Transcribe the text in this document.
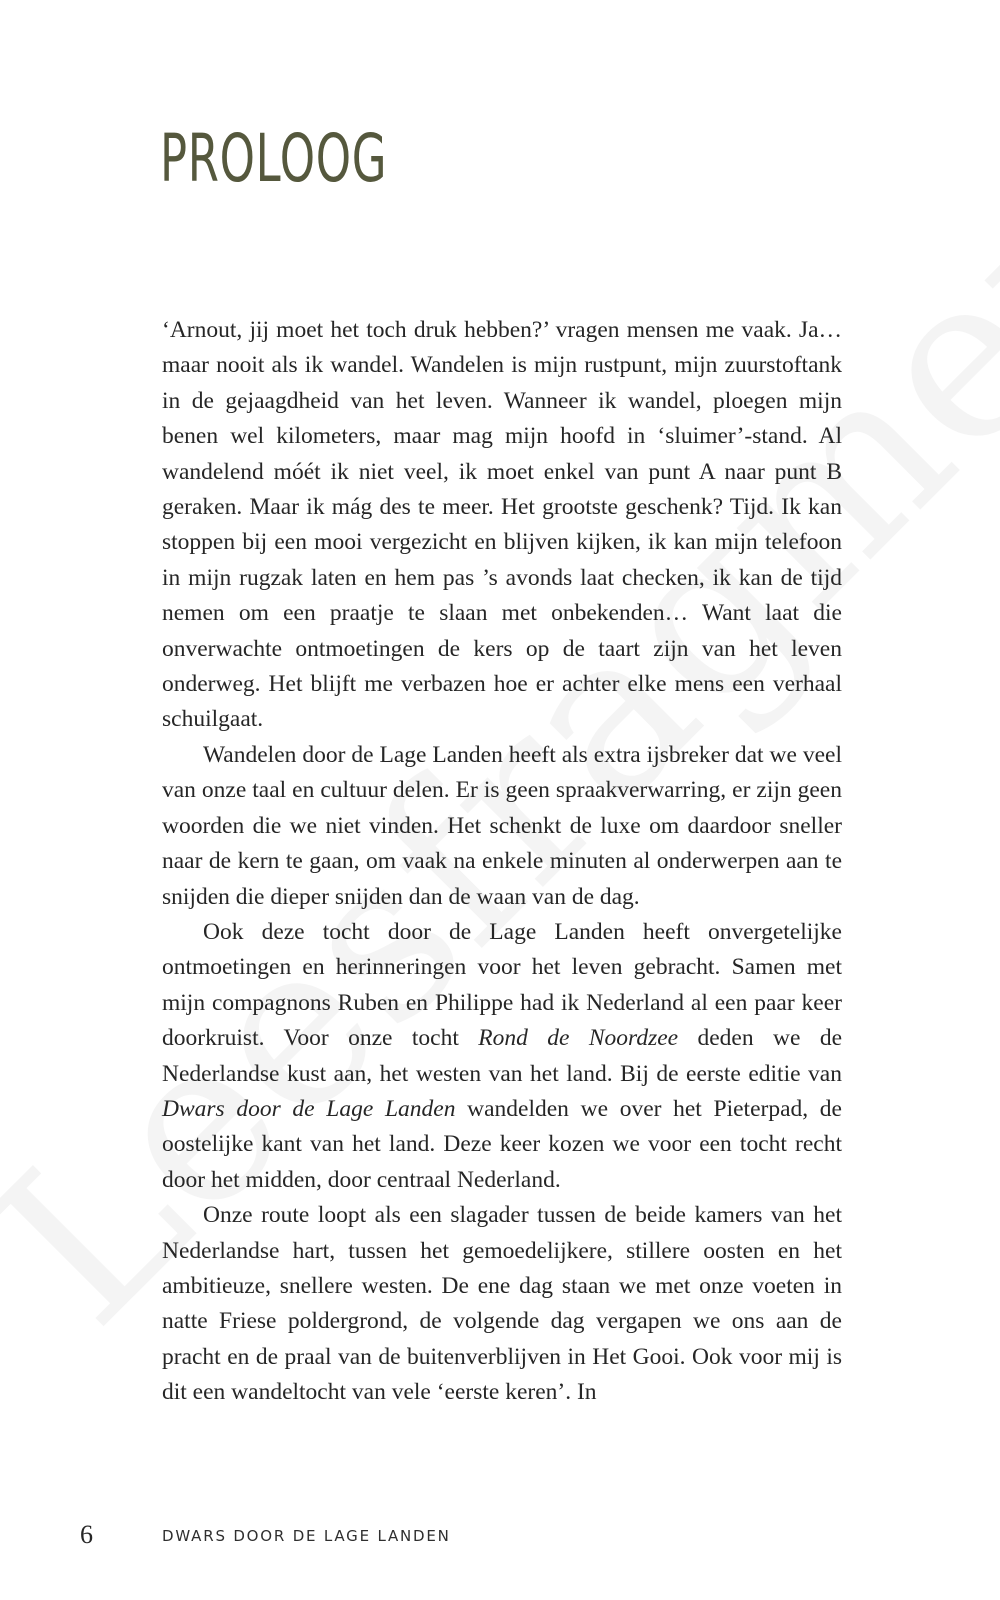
PROLOOG

‘Arnout, jij moet het toch druk hebben?’ vragen mensen me vaak. Ja… maar nooit als ik wandel. Wandelen is mijn rustpunt, mijn zuurstoftank in de gejaagdheid van het leven. Wanneer ik wandel, ploegen mijn benen wel kilometers, maar mag mijn hoofd in ‘sluimer’-stand. Al wandelend móét ik niet veel, ik moet enkel van punt A naar punt B geraken. Maar ik mág des te meer. Het grootste geschenk? Tijd. Ik kan stoppen bij een mooi vergezicht en blijven kijken, ik kan mijn telefoon in mijn rugzak laten en hem pas ’s avonds laat checken, ik kan de tijd nemen om een praatje te slaan met onbekenden… Want laat die onverwachte ontmoetingen de kers op de taart zijn van het leven onderweg. Het blijft me verbazen hoe er achter elke mens een verhaal schuilgaat.

Wandelen door de Lage Landen heeft als extra ijsbreker dat we veel van onze taal en cultuur delen. Er is geen spraakverwarring, er zijn geen woorden die we niet vinden. Het schenkt de luxe om daardoor sneller naar de kern te gaan, om vaak na enkele minuten al onderwerpen aan te snijden die dieper snijden dan de waan van de dag.

Ook deze tocht door de Lage Landen heeft onvergetelijke ontmoetingen en herinneringen voor het leven gebracht. Samen met mijn compagnons Ruben en Philippe had ik Nederland al een paar keer doorkruist. Voor onze tocht Rond de Noordzee deden we de Nederlandse kust aan, het westen van het land. Bij de eerste editie van Dwars door de Lage Landen wandelden we over het Pieterpad, de oostelijke kant van het land. Deze keer kozen we voor een tocht recht door het midden, door centraal Nederland.

Onze route loopt als een slagader tussen de beide kamers van het Nederlandse hart, tussen het gemoedelijkere, stillere oosten en het ambitieuze, snellere westen. De ene dag staan we met onze voeten in natte Friese poldergrond, de volgende dag vergapen we ons aan de pracht en de praal van de buitenverblijven in Het Gooi. Ook voor mij is dit een wandeltocht van vele ‘eerste keren’. In

6	DWARS DOOR DE LAGE LANDEN
